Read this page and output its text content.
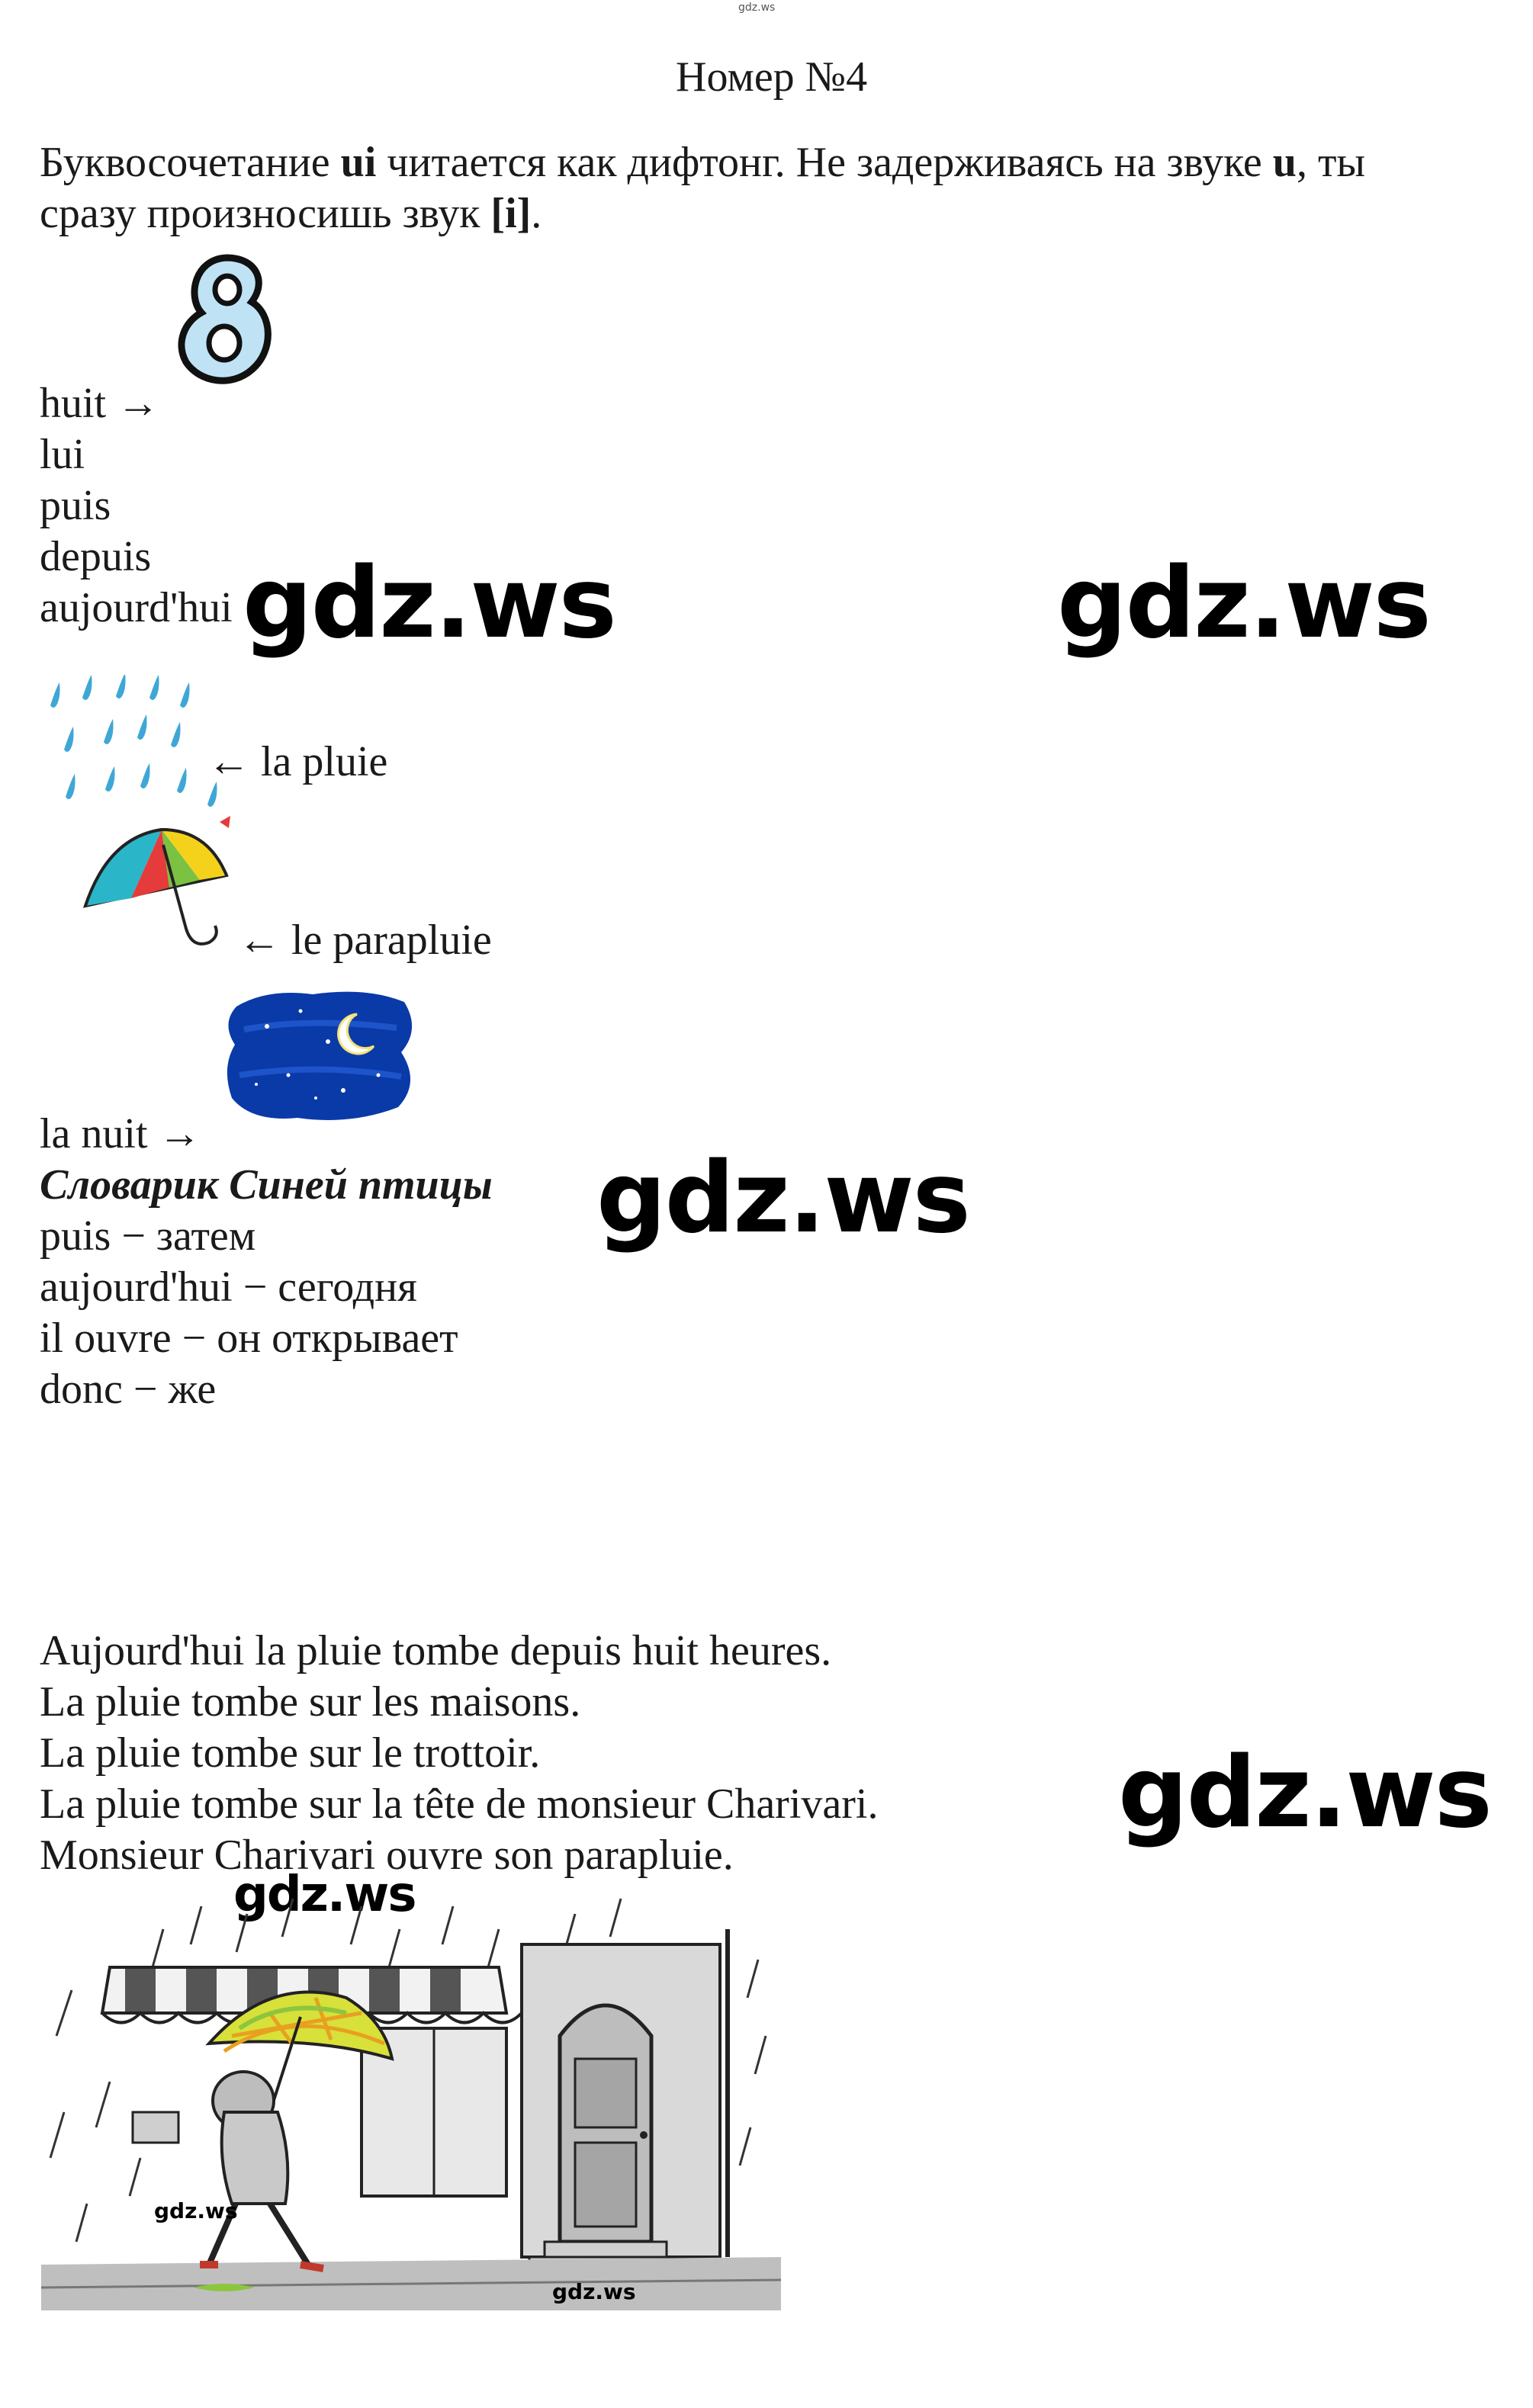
gdz.ws
Номер №4
Буквосочетание ui читается как дифтонг. Не задерживаясь на звуке u, ты
сразу произносишь звук [i].
huit →
lui
puis
depuis
aujourd'hui gdz.ws	gdz.ws
← la pluie
← le parapluie
la nuit →
Словарик Синей птицы
puis − затем
aujourd'hui − сегодня
il ouvre − он открывает
donc − же
gdz.ws
Aujourd'hui la pluie tombe depuis huit heures.
La pluie tombe sur les maisons.
La pluie tombe sur le trottoir.
La pluie tombe sur la tête de monsieur Charivari.
Monsieur Charivari ouvre son parapluie.
gdz.ws
gdz.ws
gdz.ws
gdz.ws
